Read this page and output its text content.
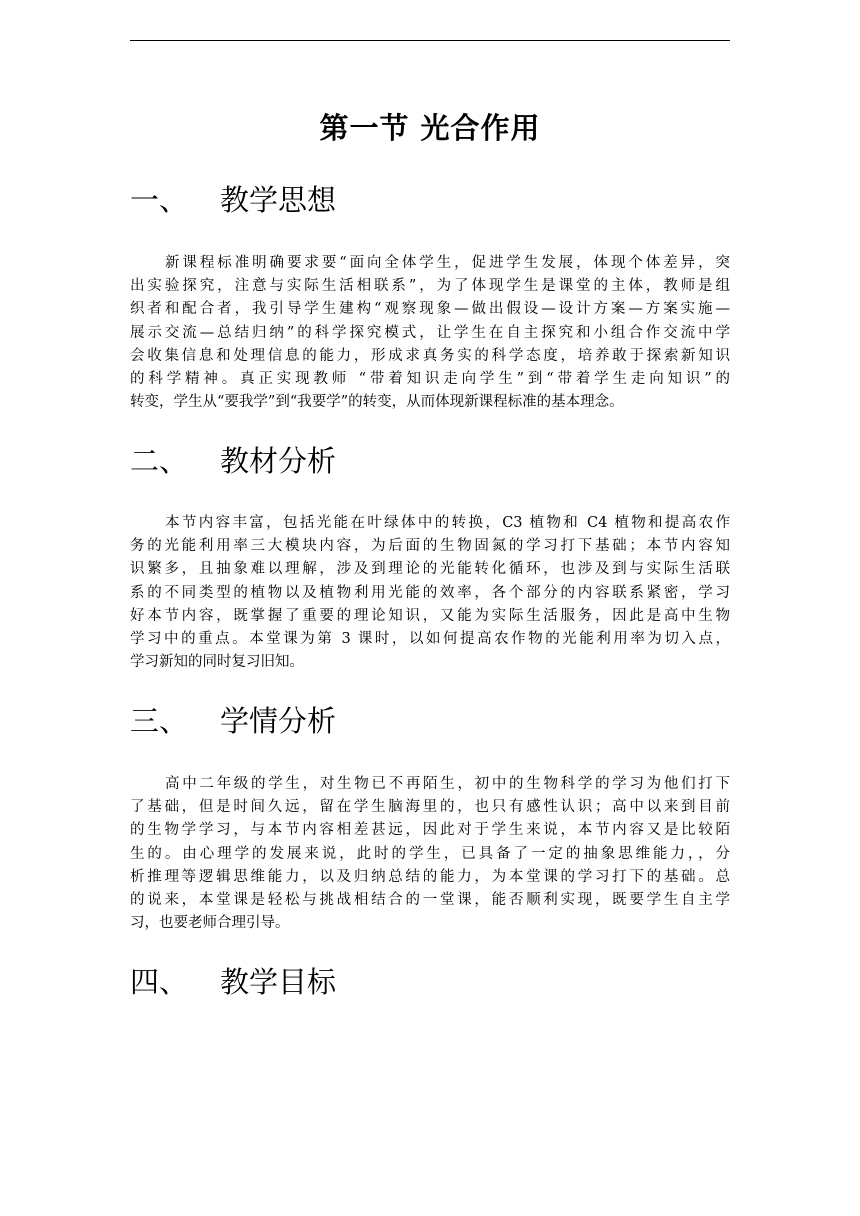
第一节 光合作用
一、 教学思想
新课程标准明确要求要“面向全体学生，促进学生发展，体现个体差异，突
出实验探究，注意与实际生活相联系”，为了体现学生是课堂的主体，教师是组
织者和配合者，我引导学生建构“观察现象—做出假设—设计方案—方案实施—
展示交流—总结归纳”的科学探究模式，让学生在自主探究和小组合作交流中学
会收集信息和处理信息的能力，形成求真务实的科学态度，培养敢于探索新知识
的科学精神。真正实现教师 “带着知识走向学生”到“带着学生走向知识”的
转变，学生从“要我学”到“我要学”的转变，从而体现新课程标准的基本理念。
二、 教材分析
本节内容丰富，包括光能在叶绿体中的转换，C3 植物和 C4 植物和提高农作
务的光能利用率三大模块内容，为后面的生物固氮的学习打下基础；本节内容知
识繁多，且抽象难以理解，涉及到理论的光能转化循环，也涉及到与实际生活联
系的不同类型的植物以及植物利用光能的效率，各个部分的内容联系紧密，学习
好本节内容，既掌握了重要的理论知识，又能为实际生活服务，因此是高中生物
学习中的重点。本堂课为第 3 课时，以如何提高农作物的光能利用率为切入点，
学习新知的同时复习旧知。
三、 学情分析
高中二年级的学生，对生物已不再陌生，初中的生物科学的学习为他们打下
了基础，但是时间久远，留在学生脑海里的，也只有感性认识；高中以来到目前
的生物学学习，与本节内容相差甚远，因此对于学生来说，本节内容又是比较陌
生的。由心理学的发展来说，此时的学生，已具备了一定的抽象思维能力，，分
析推理等逻辑思维能力，以及归纳总结的能力，为本堂课的学习打下的基础。总
的说来，本堂课是轻松与挑战相结合的一堂课，能否顺利实现，既要学生自主学
习，也要老师合理引导。
四、 教学目标
